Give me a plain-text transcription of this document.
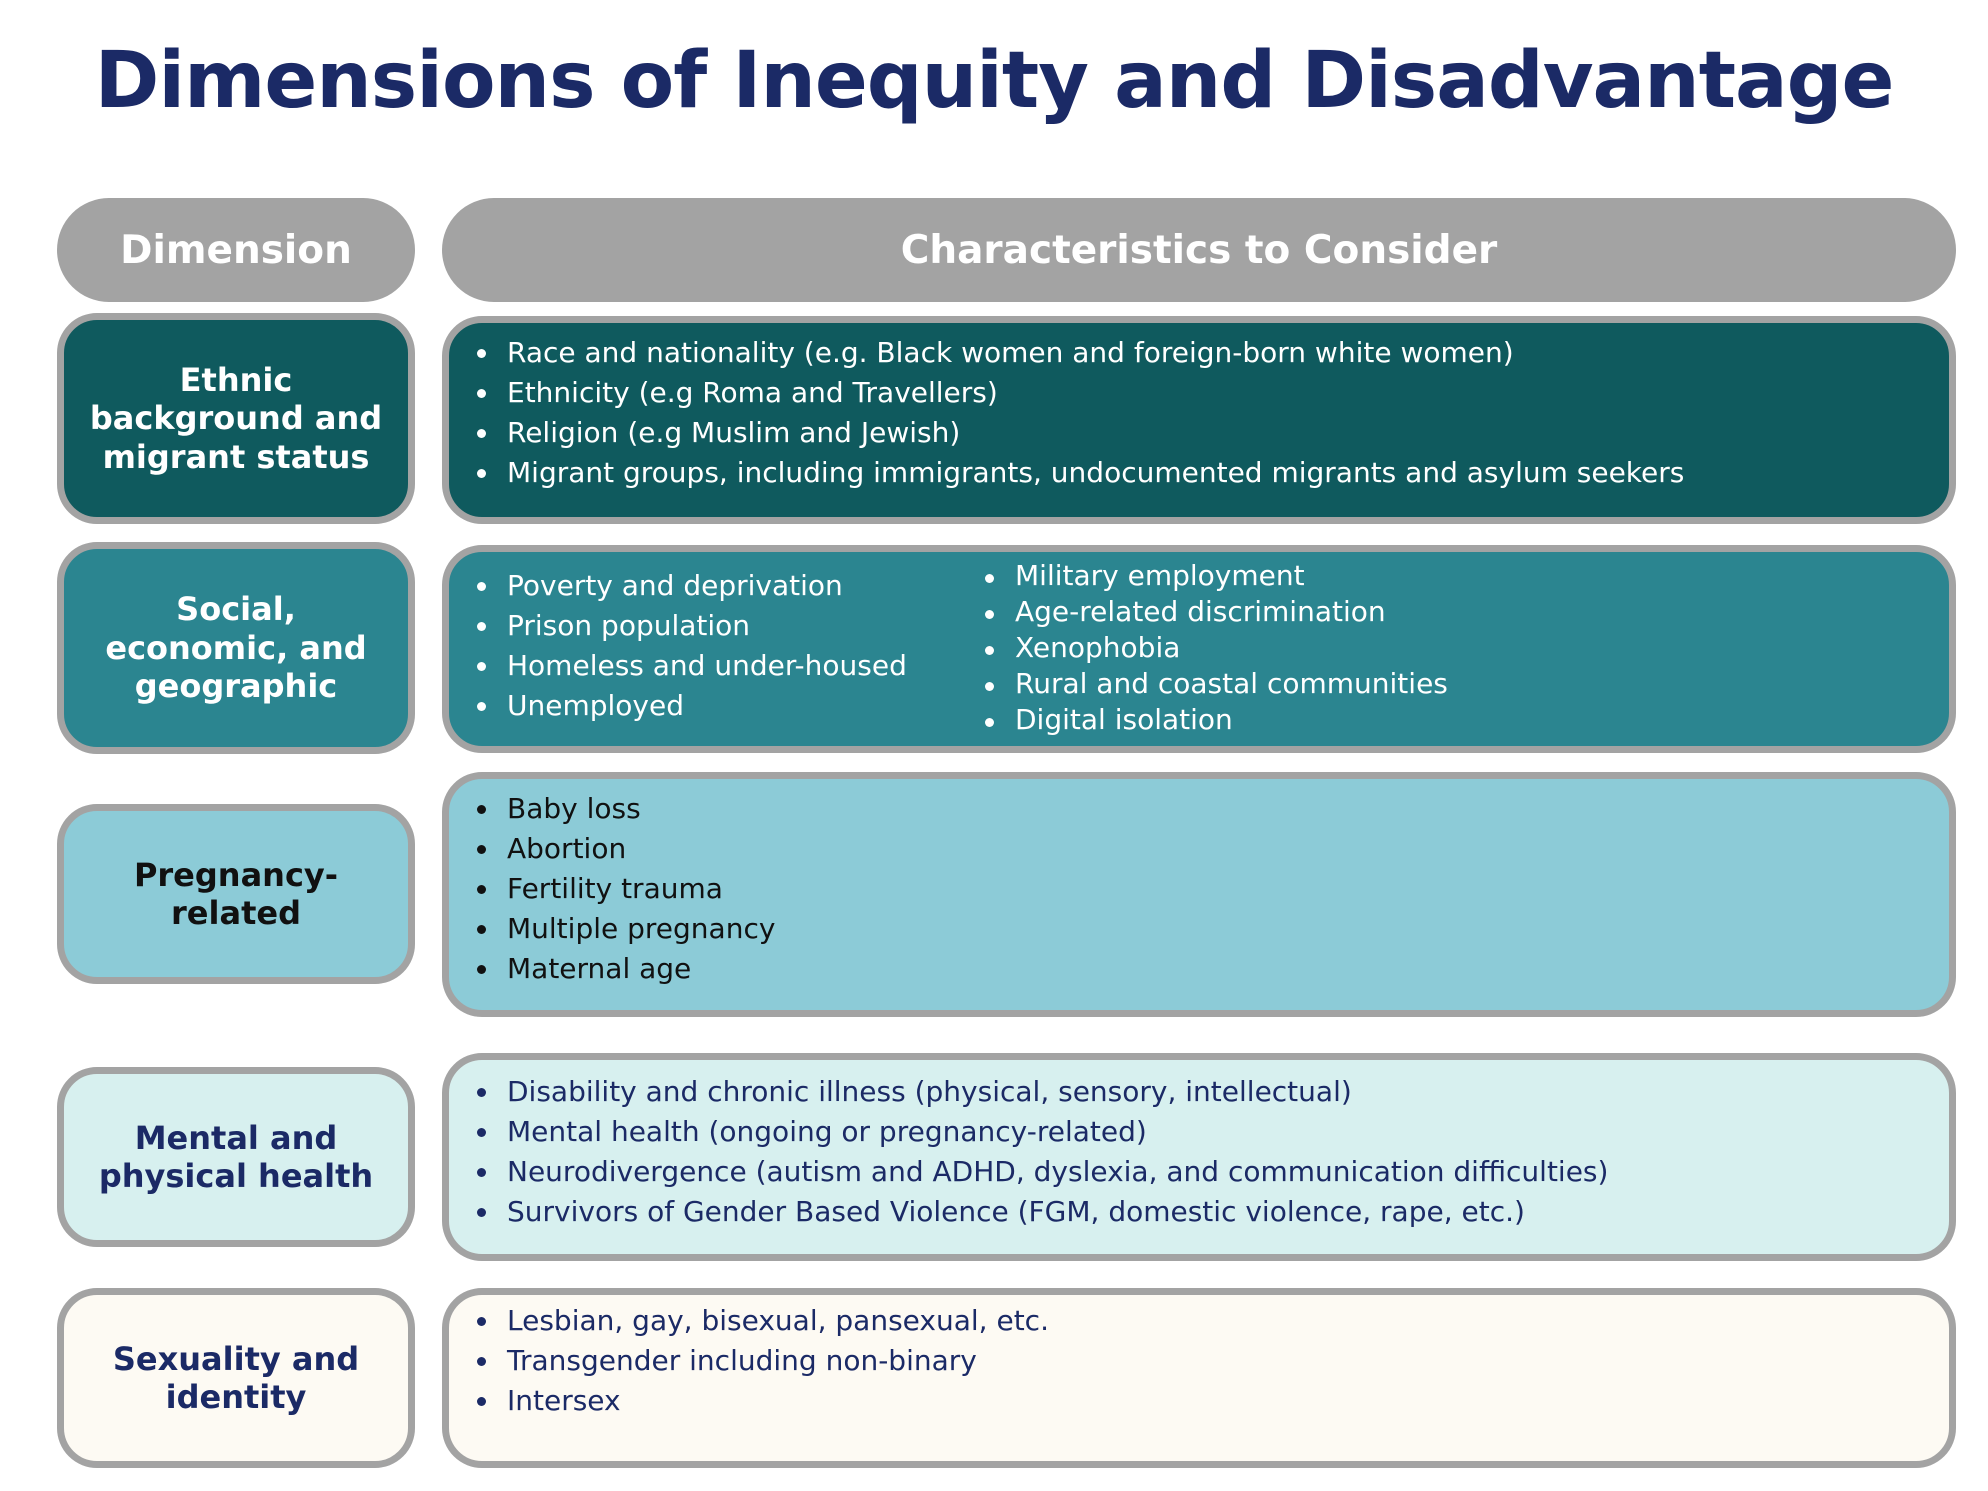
Dimensions of Inequity and Disadvantage
Dimension	Characteristics to Consider
Ethnic background and migrant status
Race and nationality (e.g. Black women and foreign-born white women)
Ethnicity (e.g Roma and Travellers)
Religion (e.g Muslim and Jewish)
Migrant groups, including immigrants, undocumented migrants and asylum seekers
Social, economic, and geographic
Poverty and deprivation
Prison population
Homeless and under-housed
Unemployed
Military employment
Age-related discrimination
Xenophobia
Rural and coastal communities
Digital isolation
Pregnancy-related
Baby loss
Abortion
Fertility trauma
Multiple pregnancy
Maternal age
Mental and physical health
Disability and chronic illness (physical, sensory, intellectual)
Mental health (ongoing or pregnancy-related)
Neurodivergence (autism and ADHD, dyslexia, and communication difficulties)
Survivors of Gender Based Violence (FGM, domestic violence, rape, etc.)
Sexuality and identity
Lesbian, gay, bisexual, pansexual, etc.
Transgender including non-binary
Intersex
